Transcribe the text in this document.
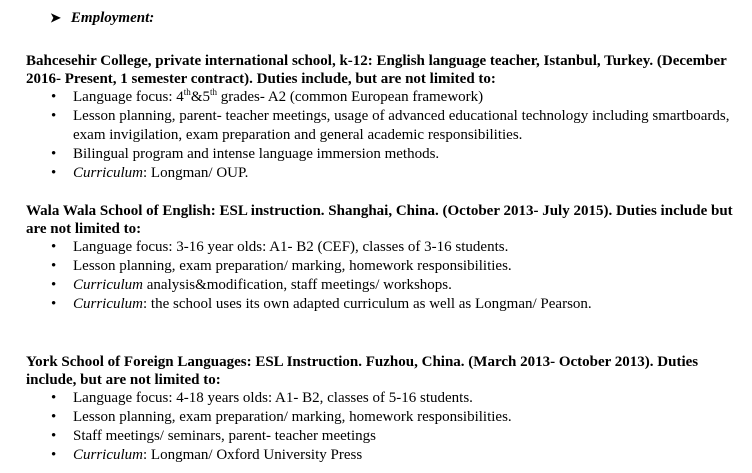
➤ Employment:

Bahcesehir College, private international school, k-12: English language teacher, Istanbul, Turkey. (December 2016- Present, 1 semester contract). Duties include, but are not limited to:

• Language focus: 4th&5th grades- A2 (common European framework)
• Lesson planning, parent- teacher meetings, usage of advanced educational technology including smartboards, exam invigilation, exam preparation and general academic responsibilities.
• Bilingual program and intense language immersion methods.
• Curriculum: Longman/ OUP.

Wala Wala School of English: ESL instruction. Shanghai, China. (October 2013- July 2015). Duties include but are not limited to:

• Language focus: 3-16 year olds: A1- B2 (CEF), classes of 3-16 students.
• Lesson planning, exam preparation/ marking, homework responsibilities.
• Curriculum analysis&modification, staff meetings/ workshops.
• Curriculum: the school uses its own adapted curriculum as well as Longman/ Pearson.

York School of Foreign Languages: ESL Instruction. Fuzhou, China. (March 2013- October 2013). Duties include, but are not limited to:

• Language focus: 4-18 years olds: A1- B2, classes of 5-16 students.
• Lesson planning, exam preparation/ marking, homework responsibilities.
• Staff meetings/ seminars, parent- teacher meetings
• Curriculum: Longman/ Oxford University Press
